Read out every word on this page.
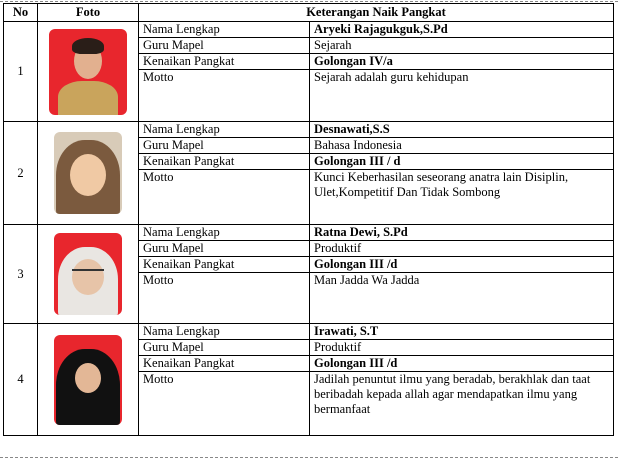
No	Foto	Keterangan Naik Pangkat	
1		Nama Lengkap	Aryeki Rajagukguk,S.Pd
		Guru Mapel	Sejarah
		Kenaikan Pangkat	Golongan IV/a
		Motto	Sejarah adalah guru kehidupan
2		Nama Lengkap	Desnawati,S.S
		Guru Mapel	Bahasa Indonesia
		Kenaikan Pangkat	Golongan III / d
		Motto	Kunci Keberhasilan seseorang anatra lain Disiplin, Ulet,Kompetitif Dan Tidak Sombong
3		Nama Lengkap	Ratna Dewi, S.Pd
		Guru Mapel	Produktif
		Kenaikan Pangkat	Golongan III /d
		Motto	Man Jadda Wa Jadda
4		Nama Lengkap	Irawati, S.T
		Guru Mapel	Produktif
		Kenaikan Pangkat	Golongan III /d
		Motto	Jadilah penuntut ilmu yang beradab, berakhlak dan taat beribadah kepada allah agar mendapatkan ilmu yang bermanfaat
